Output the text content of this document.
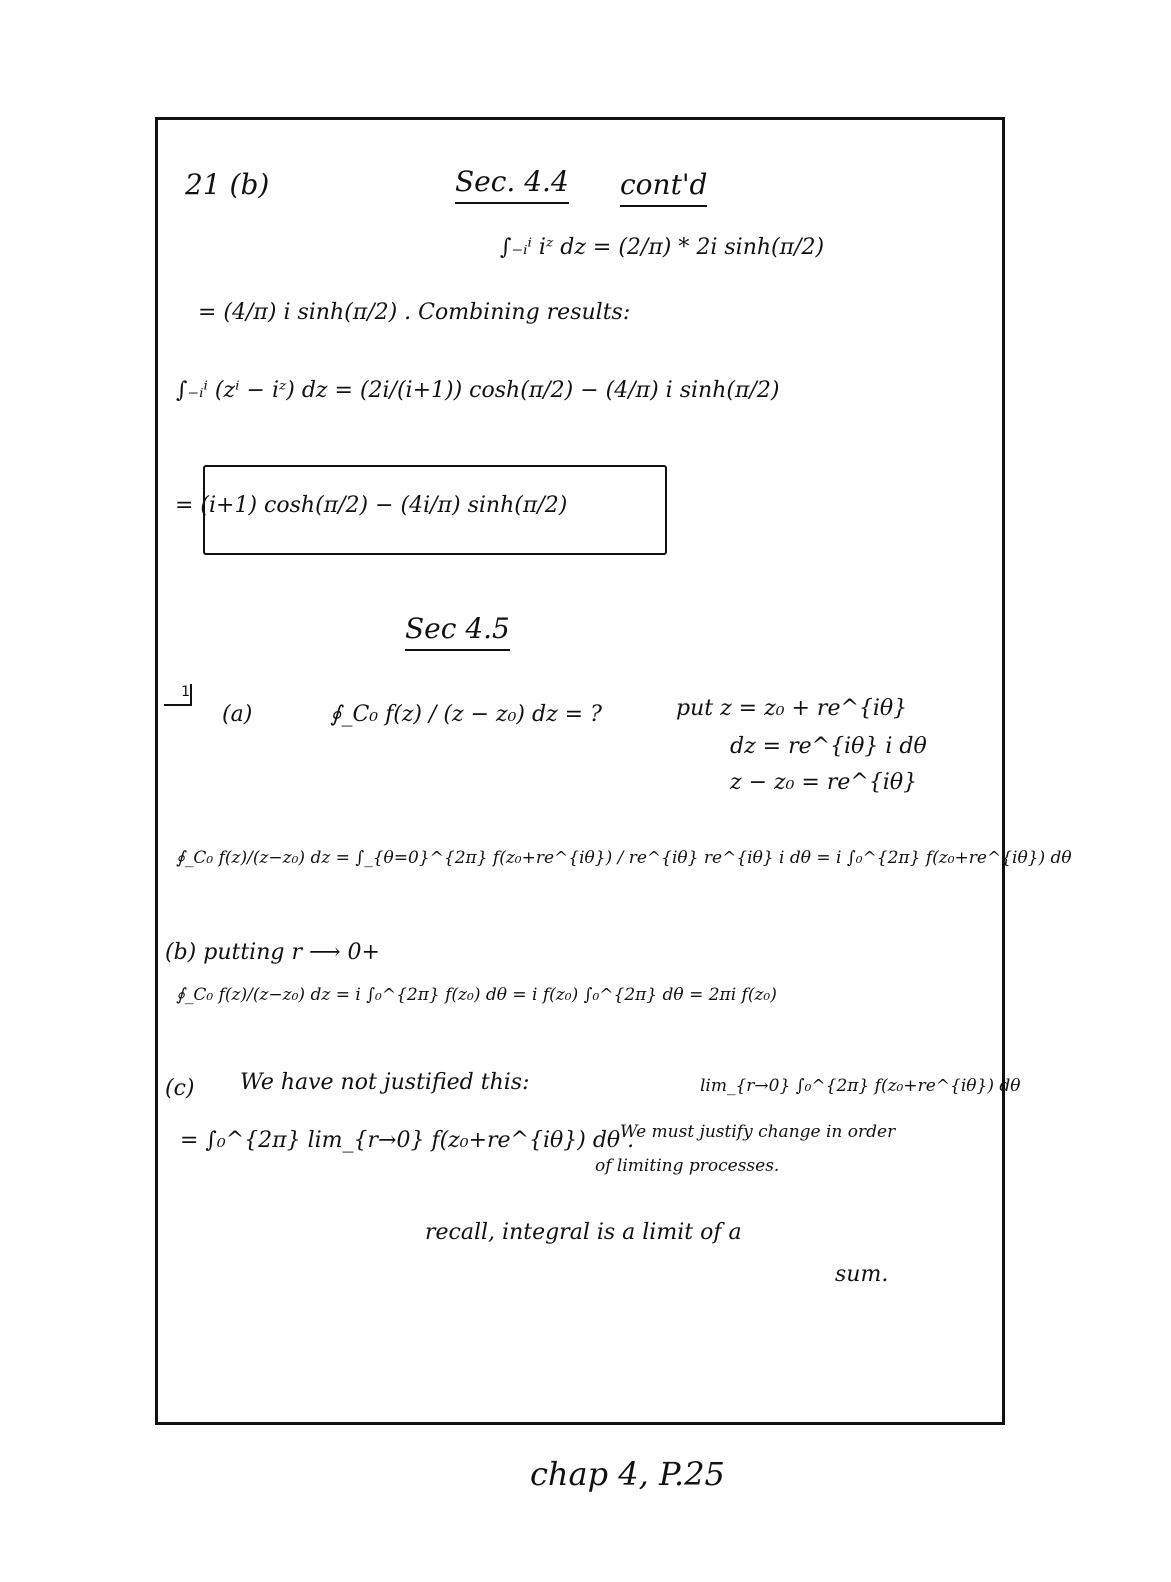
21 (b)	Sec. 4.4 cont'd
∫₋ᵢⁱ iᶻ dz = (2/π) * 2i sinh(π/2)
= (4/π) i sinh(π/2) . Combining results:
∫₋ᵢⁱ (zⁱ − iᶻ) dz = (2i/(i+1)) cosh(π/2) − (4/π) i sinh(π/2)
= (i+1) cosh(π/2) − (4i/π) sinh(π/2)
Sec 4.5
1
(a)	∮_C₀ f(z) / (z − z₀) dz = ?	put z = z₀ + re^{iθ}
dz = re^{iθ} i dθ
z − z₀ = re^{iθ}
∮_C₀ f(z)/(z−z₀) dz = ∫_{θ=0}^{2π} f(z₀+re^{iθ}) / re^{iθ} re^{iθ} i dθ = i ∫₀^{2π} f(z₀+re^{iθ}) dθ
(b) putting r ⟶ 0+
∮_C₀ f(z)/(z−z₀) dz = i ∫₀^{2π} f(z₀) dθ = i f(z₀) ∫₀^{2π} dθ = 2πi f(z₀)
(c) We have not justified this:	lim_{r→0} ∫₀^{2π} f(z₀+re^{iθ}) dθ
= ∫₀^{2π} lim_{r→0} f(z₀+re^{iθ}) dθ .
We must justify change in order
of limiting processes.
recall, integral is a limit of a
sum.
chap 4, P.25
